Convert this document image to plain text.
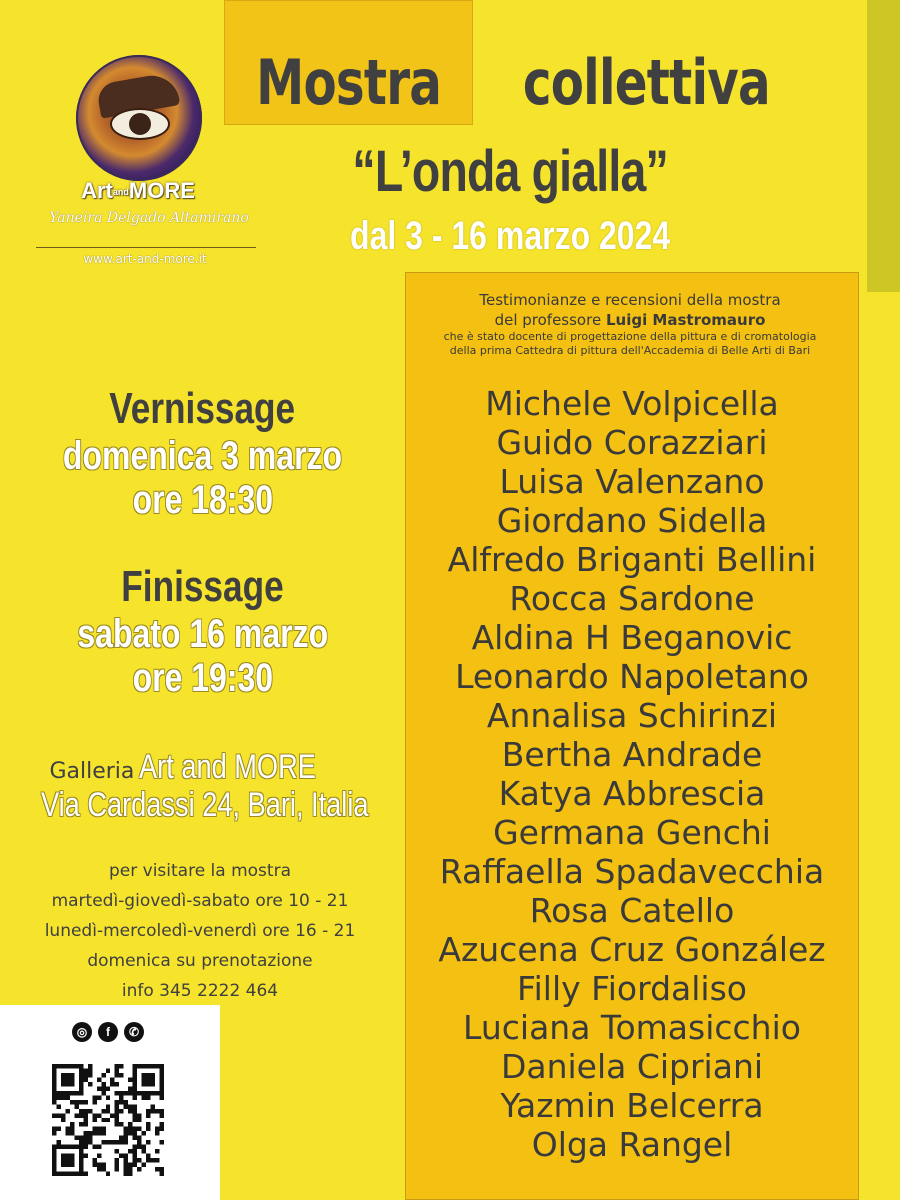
Mostra collettiva
“L’onda gialla”
dal 3 - 16 marzo 2024
ArtandMORE
Yaneira Delgado Altamirano
www.art-and-more.it
Testimonianze e recensioni della mostra
del professore Luigi Mastromauro
che è stato docente di progettazione della pittura e di cromatologia
della prima Cattedra di pittura dell'Accademia di Belle Arti di Bari
Michele Volpicella
Guido Corazziari
Luisa Valenzano
Giordano Sidella
Alfredo Briganti Bellini
Rocca Sardone
Aldina H Beganovic
Leonardo Napoletano
Annalisa Schirinzi
Bertha Andrade
Katya Abbrescia
Germana Genchi
Raffaella Spadavecchia
Rosa Catello
Azucena Cruz González
Filly Fiordaliso
Luciana Tomasicchio
Daniela Cipriani
Yazmin Belcerra
Olga Rangel
Vernissage
domenica 3 marzo
ore 18:30
Finissage
sabato 16 marzo
ore 19:30
Galleria Art and MORE
Via Cardassi 24, Bari, Italia
per visitare la mostra
martedì-giovedì-sabato ore 10 - 21
lunedì-mercoledì-venerdì ore 16 - 21
domenica su prenotazione
info 345 2222 464
◎	f	✆
